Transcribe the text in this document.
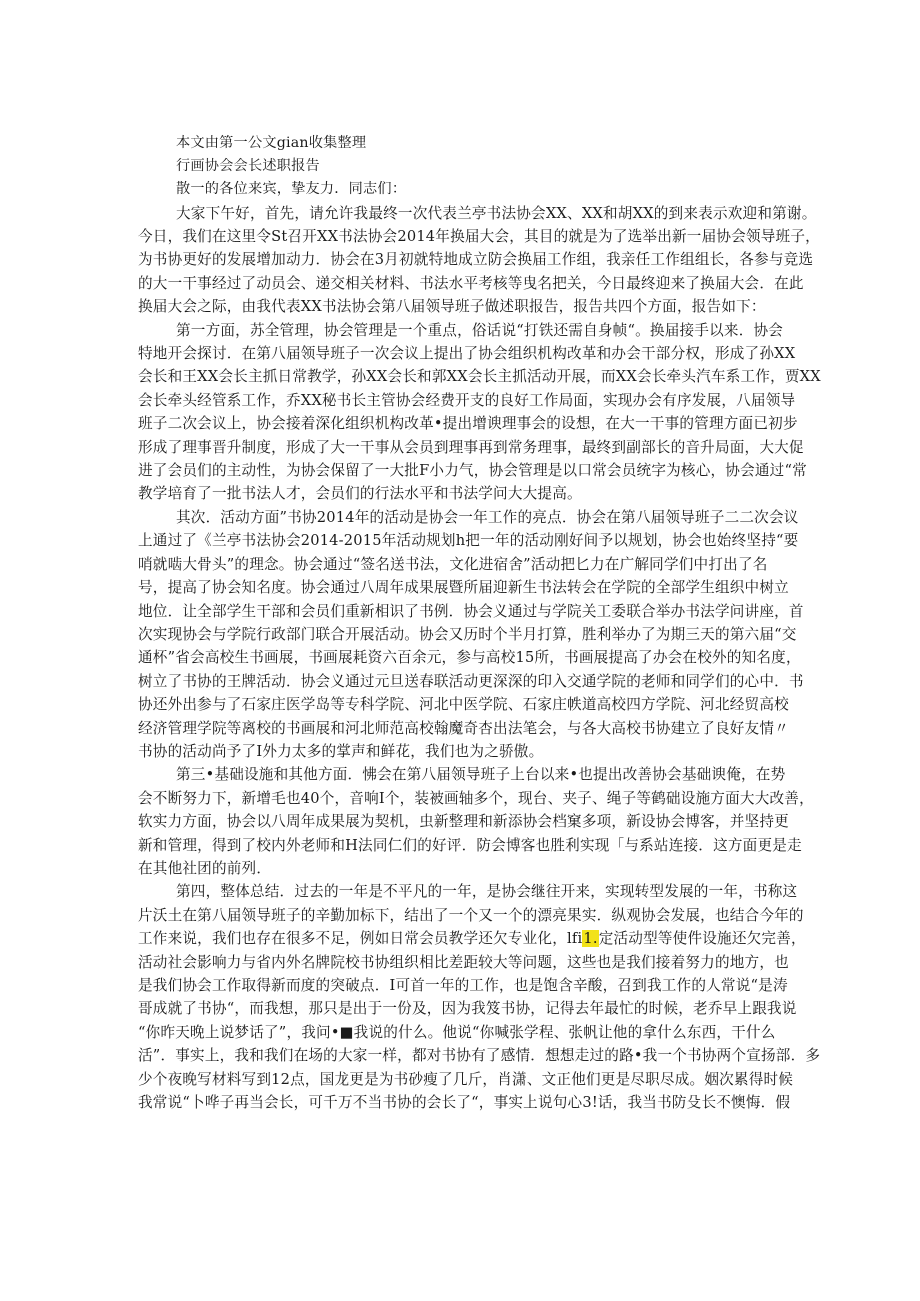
本文由第一公文gian收集整理
行画协会会长述职报告
散一的各位来宾，挚友力．同志们：
大家下午好，首先，请允许我最终一次代表兰亭书法协会XX、XX和胡XX的到来表示欢迎和第谢。
今日，我们在这里令St召开XX书法协会2014年换届大会，其目的就是为了选举出新一届协会领导班子，
为书协更好的发展增加动力．协会在3月初就特地成立防会换届工作组，我亲任工作组组长，各参与竞选
的大一干事经过了动员会、递交相关材料、书法水平考核等曳名把关，今日最终迎来了换届大会．在此
换届大会之际，由我代表XX书法协会第八届领导班子做述职报告，报告共四个方面，报告如下：
第一方面，苏全管理，协会管理是一个重点，俗话说“打铁还需自身帧“。换届接手以来．协会
特地开会探讨．在第八届领导班子一次会议上提出了协会组织机构改革和办会干部分权，形成了孙XX
会长和王XX会长主抓日常教学，孙XX会长和郭XX会长主抓活动开展，而XX会长牵头汽车系工作，贾XX
会长牵头经管系工作，乔XX秘书长主管协会经费开支的良好工作局面，实现办会有序发展，八届领导
班子二次会议上，协会接着深化组织机构改革•提出增谀理事会的设想，在大一干事的管理方面已初步
形成了理事晋升制度，形成了大一干事从会员到理事再到常务理事，最终到副部长的音升局面，大大促
进了会员们的主动性，为协会保留了一大批F小力气，协会管理是以口常会员统字为核心，协会通过“常
教学培育了一批书法人才，会员们的行法水平和书法学问大大提高。
其次．活动方面”书协2014年的活动是协会一年工作的亮点．协会在第八届领导班子二二次会议
上通过了《兰亭书法协会2014-2015年活动规划h把一年的活动刚好间予以规划，协会也始终坚持“要
哨就啮大骨头”的理念。协会通过“签名送书法，文化进宿舍”活动把匕力在广解同学们中打出了名
号，提高了协会知名度。协会通过八周年成果展暨所届迎新生书法转会在学院的全部学生组织中树立
地位．让全部学生干部和会员们重新相识了书例．协会义通过与学院关工委联合举办书法学问讲座，首
次实现协会与学院行政部门联合开展活动。协会又历时个半月打算，胜利举办了为期三天的第六届“交
通杯”省会高校生书画展，书画展耗资六百余元，参与高校15所，书画展提高了办会在校外的知名度，
树立了书协的王牌活动．协会义通过元旦送春联活动更深深的印入交通学院的老师和同学们的心中．书
协还外出参与了石家庄医学岛等专科学院、河北中医学院、石家庄帙道高校四方学院、河北经贸高校
经济管理学院等离校的书画展和河北师范高校翰魔奇杏出法笔会，与各大高校书协建立了良好友情〃
书协的活动尚予了I外力太多的掌声和鲜花，我们也为之骄傲。
第三•基础设施和其他方面．怫会在第八届领导班子上台以来•也提出改善协会基础谀俺，在势
会不断努力下，新增毛也40个，音响I个，装被画轴多个，现台、夹子、绳子等鹤础设施方面大大改善，
软实力方面，协会以八周年成果展为契机，虫新整理和新添协会档窠多项，新设协会博客，并坚持更
新和管理，得到了校内外老师和H法同仁们的好评．防会博客也胜利实现「与系站连接．这方面更是走
在其他社团的前列．
第四，整体总结．过去的一年是不平凡的一年，是协会继往开来，实现转型发展的一年，书称这
片沃土在第八届领导班子的辛勤加标下，结出了一个又一个的漂亮果实．纵观协会发展，也结合今年的
工作来说，我们也存在很多不足，例如日常会员教学还欠专业化，lfi1.定活动型等使件设施还欠完善，
活动社会影响力与省内外名牌院校书协组织相比差距较大等问题，这些也是我们接着努力的地方，也
是我们协会工作取得新而度的突破点．I可首一年的工作，也是饱含辛酸，召到我工作的人常说“是涛
哥成就了书协“，而我想，那只是出于一份及，因为我笈书协，记得去年最忙的时候，老乔早上跟我说
“你昨天晚上说梦话了”，我问•■我说的什么。他说“你喊张学程、张帆让他的拿什么东西，干什么
活”．事实上，我和我们在场的大家一样，都对书协有了感情．想想走过的路•我一个书协两个宣扬部．多
少个夜晚写材料写到12点，国龙更是为书砂瘦了几斤，肖潇、文正他们更是尽职尽成。姻次累得时候
我常说“卜哗子再当会长，可千万不当书协的会长了“，事实上说句心3!话，我当书防殳长不懊悔．假
